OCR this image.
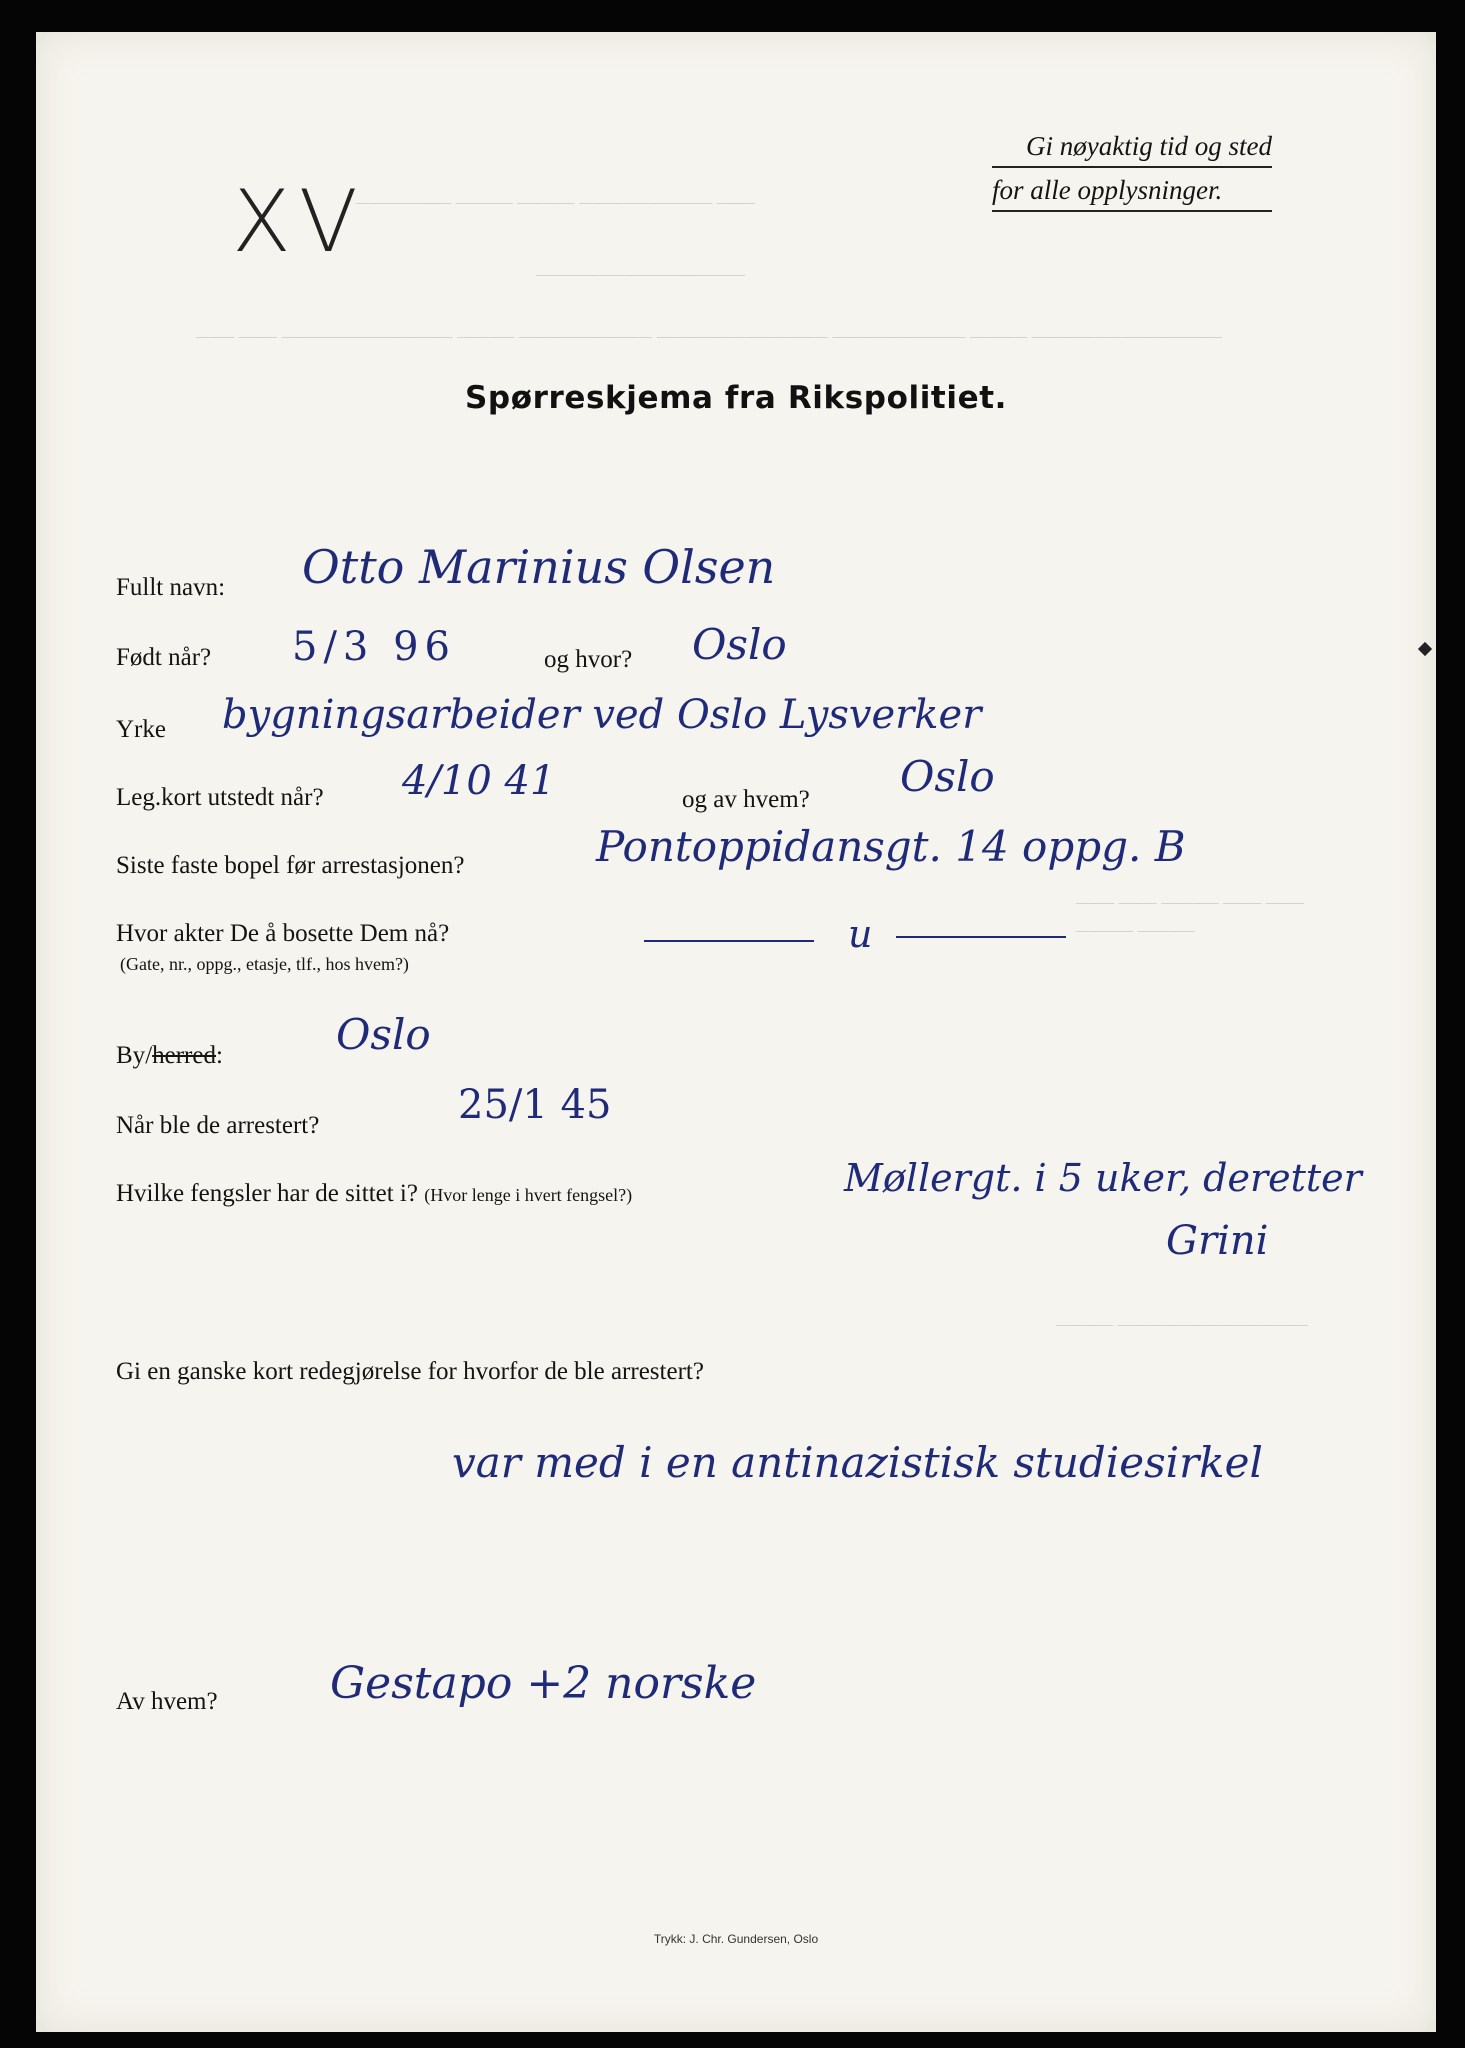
————— ——— ——— ——————— ——
———————————
—— —— ————————— ——— ——————— ————————— ——————— ——— ——————————
—— —— ——— —— ——
——— ———
——— ——————————
Gi nøyaktig tid og sted
for alle opplysninger.
XV
Spørreskjema fra Rikspolitiet.
Fullt navn: Otto Marinius Olsen
Født når? 5/3 96	og hvor? Oslo
Yrke bygningsarbeider ved Oslo Lysverker
Leg.kort utstedt når? 4/10 41	og av hvem? Oslo
Siste faste bopel før arrestasjonen?	Pontoppidansgt. 14 oppg. B
Hvor akter De å bosette Dem nå?
(Gate, nr., oppg., etasje, tlf., hos hvem?)
u
By/herred:	Oslo
Når ble de arrestert?	25/1 45
Hvilke fengsler har de sittet i? (Hvor lenge i hvert fengsel?)	Møllergt. i 5 uker, deretter
Grini
Gi en ganske kort redegjørelse for hvorfor de ble arrestert?
var med i en antinazistisk studiesirkel
Av hvem?	Gestapo +2 norske
Trykk: J. Chr. Gundersen, Oslo
